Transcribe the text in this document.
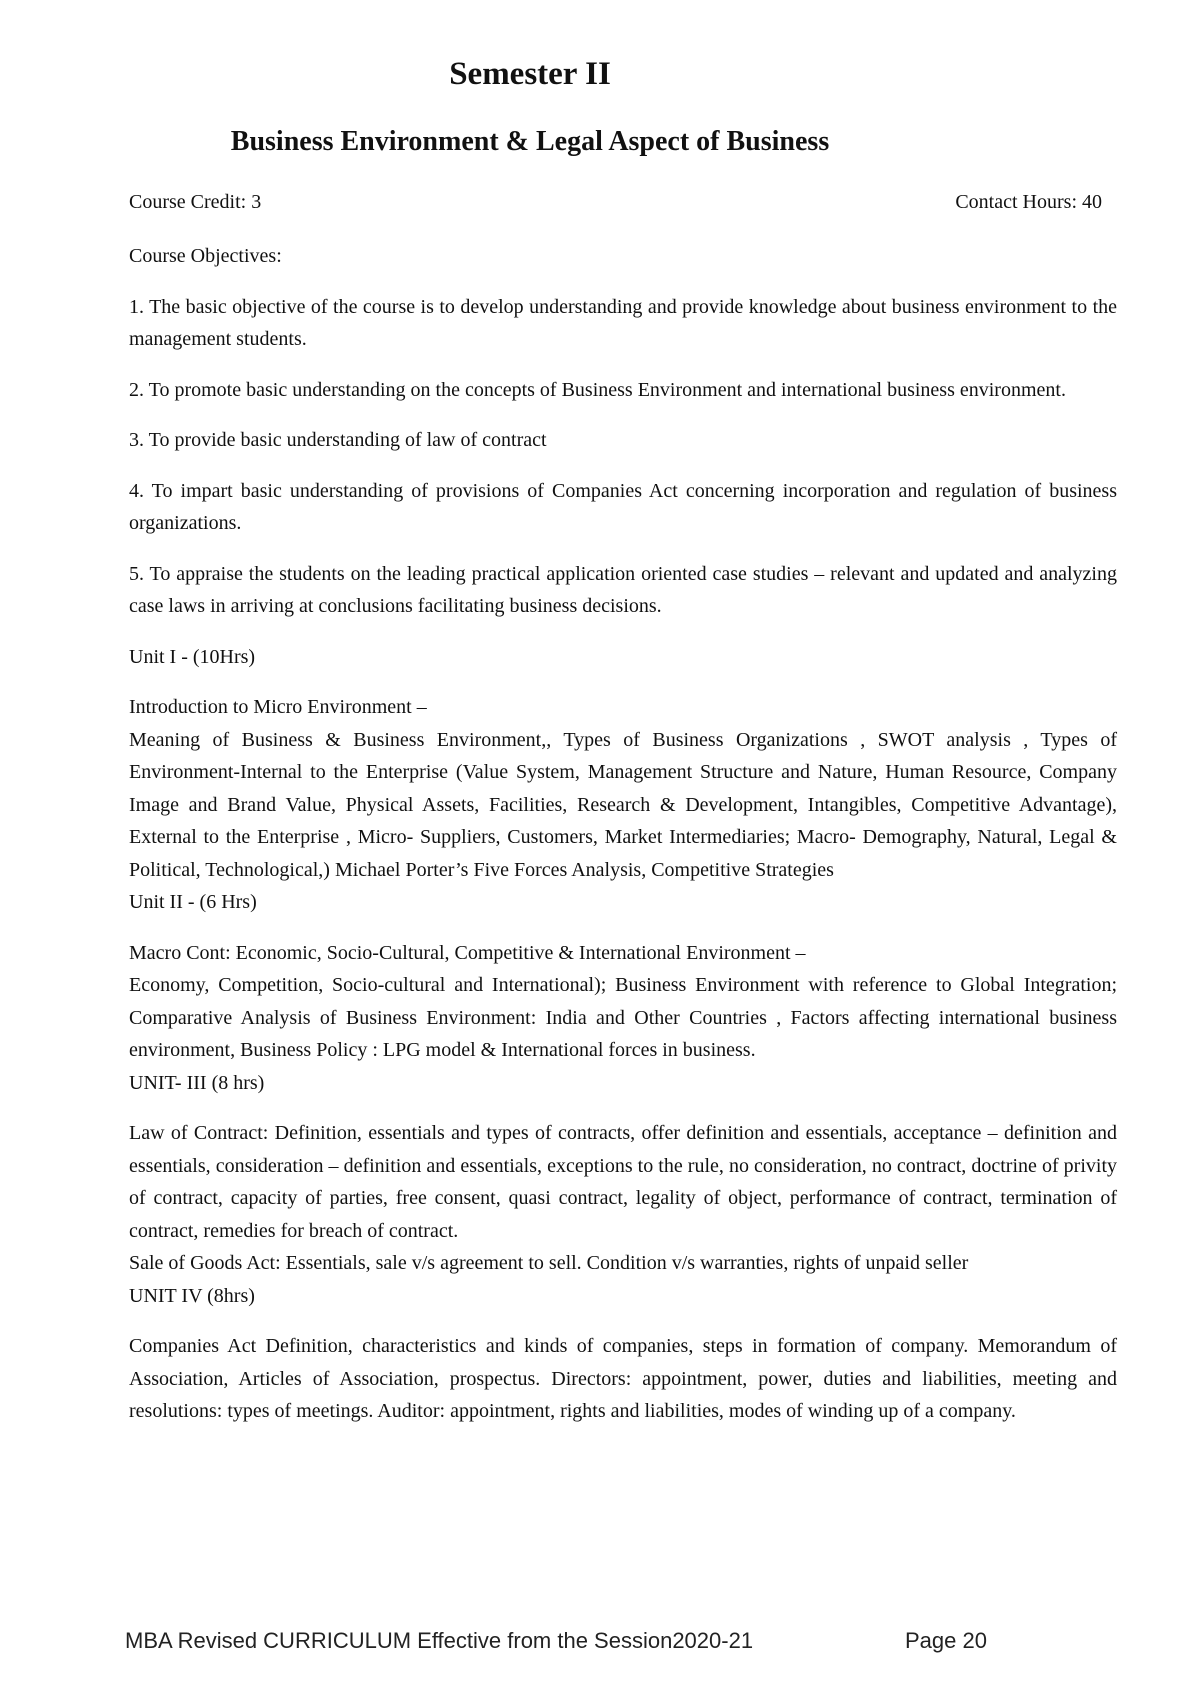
Semester II
Business Environment & Legal Aspect of Business
Course Credit: 3	Contact Hours: 40

Course Objectives:

1. The basic objective of the course is to develop understanding and provide knowledge about business environment to the management students.

2. To promote basic understanding on the concepts of Business Environment and international business environment.

3. To provide basic understanding of law of contract

4. To impart basic understanding of provisions of Companies Act concerning incorporation and regulation of business organizations.

5. To appraise the students on the leading practical application oriented case studies – relevant and updated and analyzing case laws in arriving at conclusions facilitating business decisions.

Unit I - (10Hrs)

Introduction to Micro Environment –

Meaning of Business & Business Environment,, Types of Business Organizations , SWOT analysis , Types of Environment-Internal to the Enterprise (Value System, Management Structure and Nature, Human Resource, Company Image and Brand Value, Physical Assets, Facilities, Research & Development, Intangibles, Competitive Advantage), External to the Enterprise , Micro- Suppliers, Customers, Market Intermediaries; Macro- Demography, Natural, Legal & Political, Technological,) Michael Porter’s Five Forces Analysis, Competitive Strategies

Unit II - (6 Hrs)

Macro Cont: Economic, Socio-Cultural, Competitive & International Environment –

Economy, Competition, Socio-cultural and International); Business Environment with reference to Global Integration; Comparative Analysis of Business Environment: India and Other Countries , Factors affecting international business environment, Business Policy : LPG model & International forces in business.

UNIT- III (8 hrs)

Law of Contract: Definition, essentials and types of contracts, offer definition and essentials, acceptance – definition and essentials, consideration – definition and essentials, exceptions to the rule, no consideration, no contract, doctrine of privity of contract, capacity of parties, free consent, quasi contract, legality of object, performance of contract, termination of contract, remedies for breach of contract.

Sale of Goods Act: Essentials, sale v/s agreement to sell. Condition v/s warranties, rights of unpaid seller

UNIT IV (8hrs)

Companies Act Definition, characteristics and kinds of companies, steps in formation of company. Memorandum of Association, Articles of Association, prospectus. Directors: appointment, power, duties and liabilities, meeting and resolutions: types of meetings. Auditor: appointment, rights and liabilities, modes of winding up of a company.

MBA Revised CURRICULUM Effective from the Session2020-21	Page 20
